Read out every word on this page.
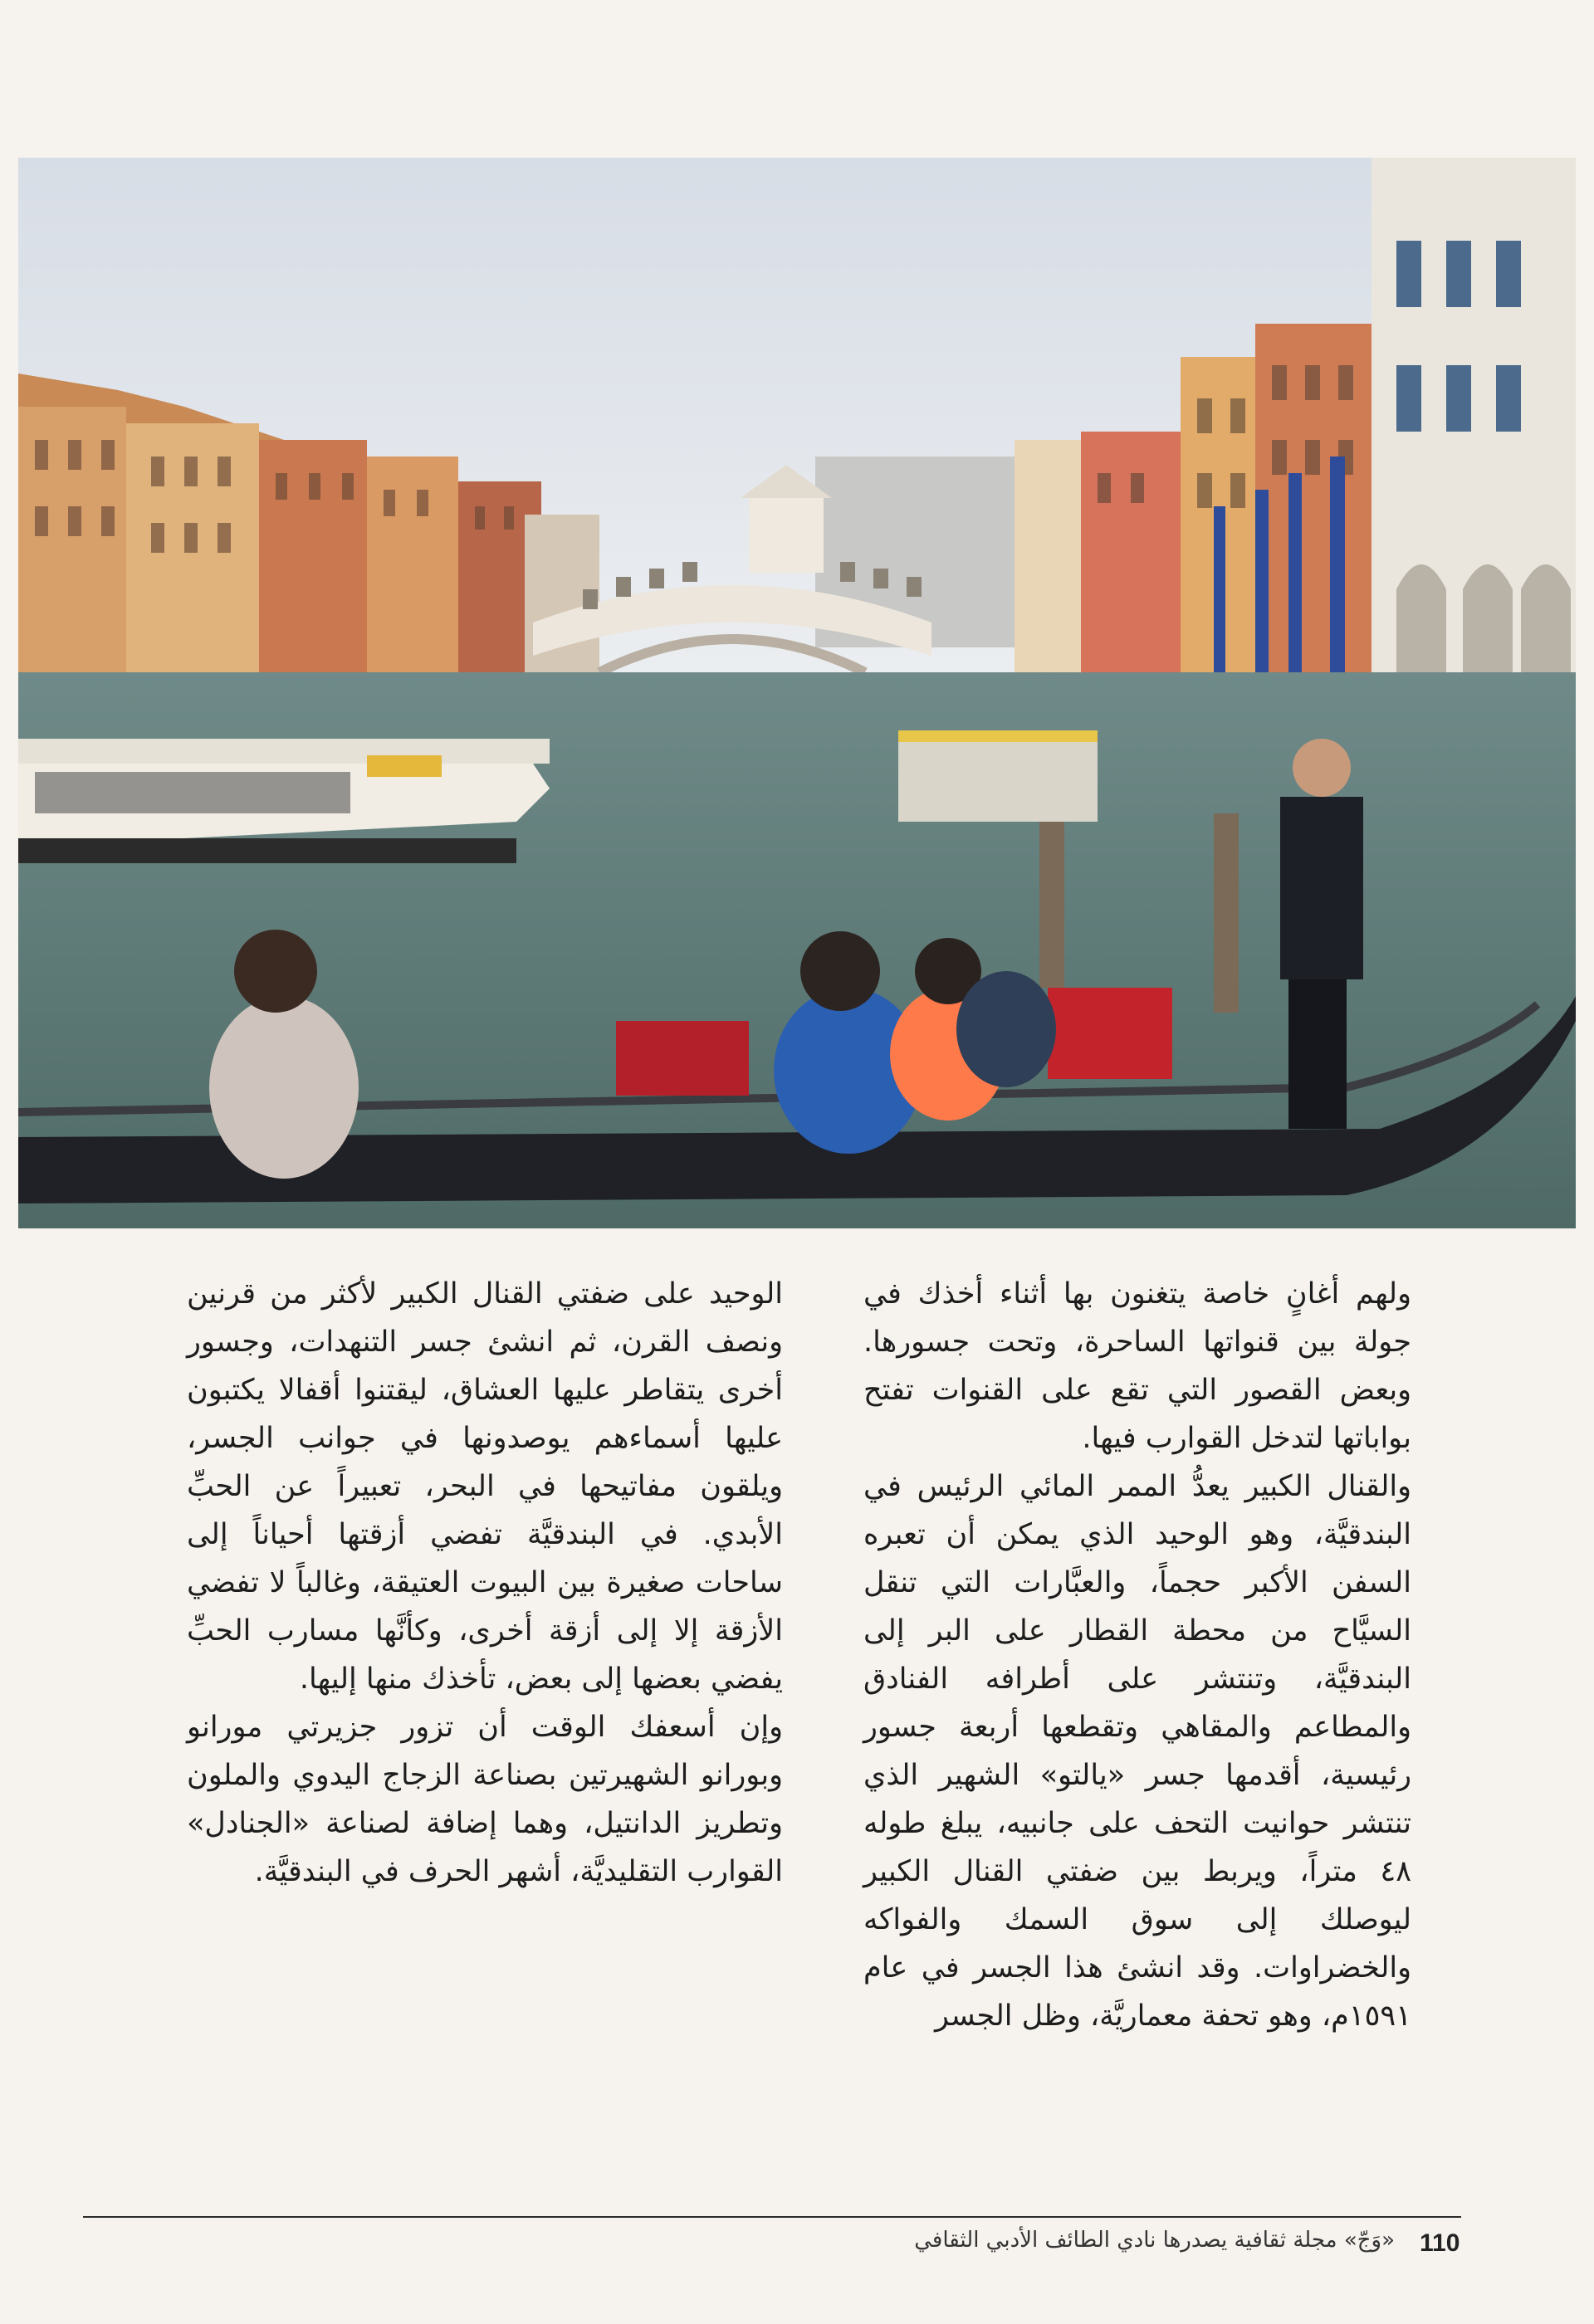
ولهم أغانٍ خاصة يتغنون بها أثناء أخذك في جولة بين قنواتها الساحرة، وتحت جسورها. وبعض القصور التي تقع على القنوات تفتح بواباتها لتدخل القوارب فيها.

والقنال الكبير يعدُّ الممر المائي الرئيس في البندقيَّة، وهو الوحيد الذي يمكن أن تعبره السفن الأكبر حجماً، والعبَّارات التي تنقل السيَّاح من محطة القطار على البر إلى البندقيَّة، وتنتشر على أطرافه الفنادق والمطاعم والمقاهي وتقطعها أربعة جسور رئيسية، أقدمها جسر «يالتو» الشهير الذي تنتشر حوانيت التحف على جانبيه، يبلغ طوله ٤٨ متراً، ويربط بين ضفتي القنال الكبير ليوصلك إلى سوق السمك والفواكه والخضراوات. وقد انشئ هذا الجسر في عام ١٥٩١م، وهو تحفة معماريَّة، وظل الجسر

الوحيد على ضفتي القنال الكبير لأكثر من قرنين ونصف القرن، ثم انشئ جسر التنهدات، وجسور أخرى يتقاطر عليها العشاق، ليقتنوا أقفالا يكتبون عليها أسماءهم يوصدونها في جوانب الجسر، ويلقون مفاتيحها في البحر، تعبيراً عن الحبِّ الأبدي. في البندقيَّة تفضي أزقتها أحياناً إلى ساحات صغيرة بين البيوت العتيقة، وغالباً لا تفضي الأزقة إلا إلى أزقة أخرى، وكأنَّها مسارب الحبِّ يفضي بعضها إلى بعض، تأخذك منها إليها.

وإن أسعفك الوقت أن تزور جزيرتي مورانو وبورانو الشهيرتين بصناعة الزجاج اليدوي والملون وتطريز الدانتيل، وهما إضافة لصناعة «الجنادل» القوارب التقليديَّة، أشهر الحرف في البندقيَّة.

«وَجّ» مجلة ثقافية يصدرها نادي الطائف الأدبي الثقافي 110
